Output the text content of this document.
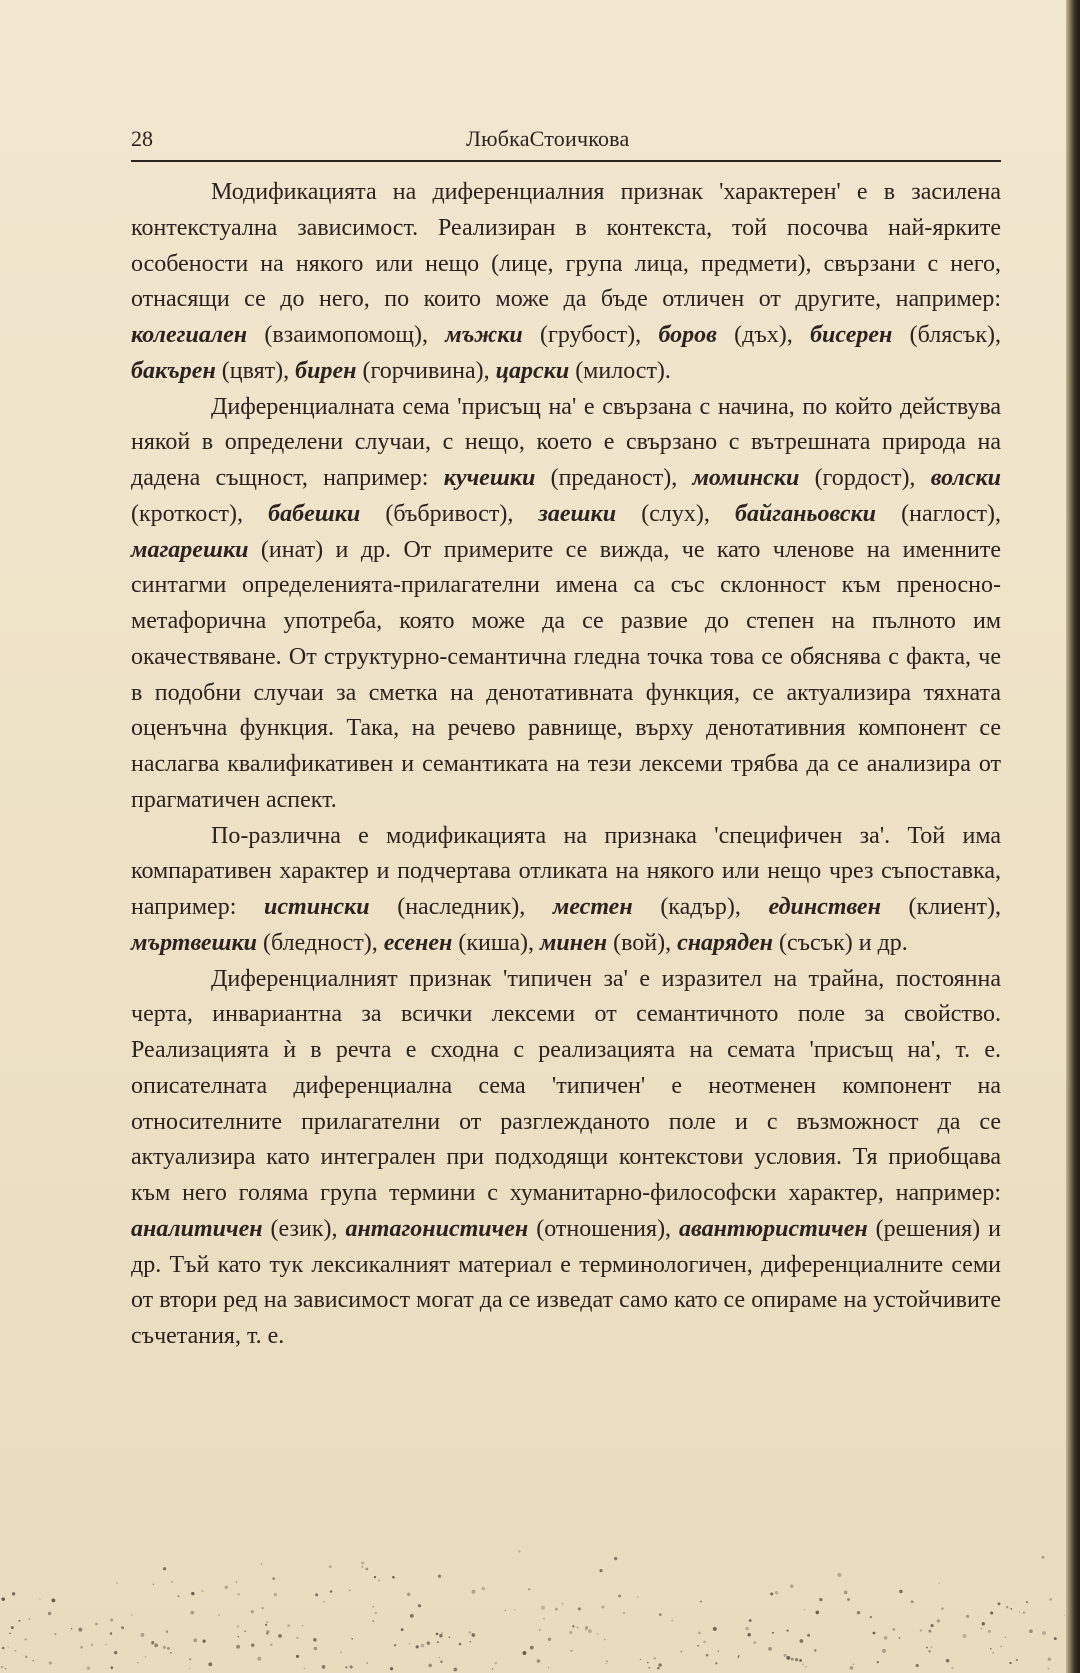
28	ЛюбкаСтоичкова

Модификацията на диференциалния признак 'характерен' е в засилена контекстуална зависимост. Реализиран в контекста, той посочва най-ярките особености на някого или нещо (лице, група лица, предмети), свързани с него, отнасящи се до него, по които може да бъде отличен от другите, например: колегиален (взаимопомощ), мъжки (грубост), боров (дъх), бисерен (блясък), бакърен (цвят), бирен (горчивина), царски (милост).

Диференциалната сема 'присъщ на' е свързана с начина, по който действува някой в определени случаи, с нещо, което е свързано с вътрешната природа на дадена същност, например: кучешки (преданост), момински (гордост), волски (кроткост), бабешки (бъбривост), заешки (слух), байганьовски (наглост), магарешки (инат) и др. От примерите се вижда, че като членове на именните синтагми определенията-прилагателни имена са със склонност към преносно-метафорична употреба, която може да се развие до степен на пълното им окачествяване. От структурно-семантична гледна точка това се обяснява с факта, че в подобни случаи за сметка на денотативната функция, се актуализира тяхната оценъчна функция. Така, на речево равнище, върху денотативния компонент се наслагва квалификативен и семантиката на тези лексеми трябва да се анализира от прагматичен аспект.

По-различна е модификацията на признака 'специфичен за'. Той има компаративен характер и подчертава отликата на някого или нещо чрез съпоставка, например: истински (наследник), местен (кадър), единствен (клиент), мъртвешки (бледност), есенен (киша), минен (вой), снаряден (съсък) и др.

Диференциалният признак 'типичен за' е изразител на трайна, постоянна черта, инвариантна за всички лексеми от семантичното поле за свойство. Реализацията ѝ в речта е сходна с реализацията на семата 'присъщ на', т. е. описателната диференциална сема 'типичен' е неотменен компонент на относителните прилагателни от разглежданото поле и с възможност да се актуализира като интегрален при подходящи контекстови условия. Тя приобщава към него голяма група термини с хуманитарно-философски характер, например: аналитичен (език), антагонистичен (отношения), авантюристичен (решения) и др. Тъй като тук лексикалният материал е терминологичен, диференциалните семи от втори ред на зависимост могат да се изведат само като се опираме на устойчивите съчетания, т. е.
